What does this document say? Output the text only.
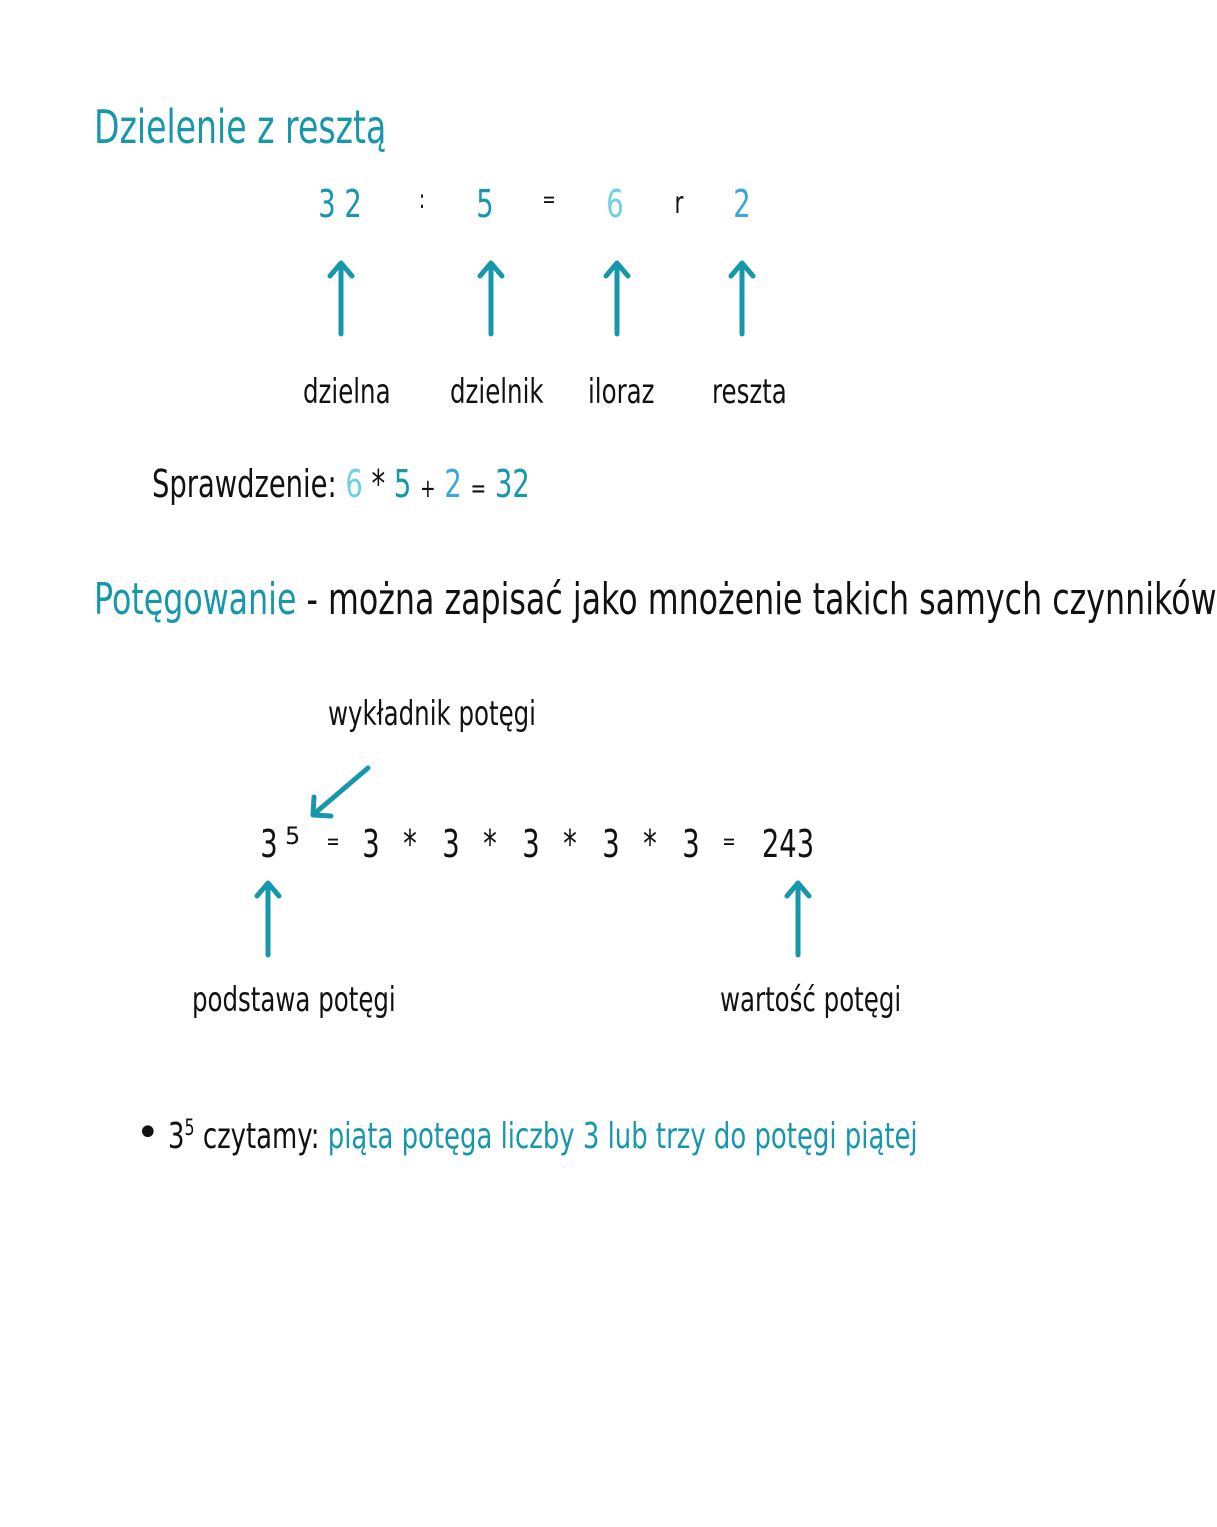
Dzielenie z resztą
3 2 : 5 = 6 r 2
dzielna dzielnik iloraz reszta
Sprawdzenie: 6 * 5 + 2 = 32
Potęgowanie - można zapisać jako mnożenie takich samych czynników
wykładnik potęgi
3 5 = 3 * 3 * 3 * 3 * 3 = 243
podstawa potęgi	wartość potęgi
• $3^5$ czytamy: piąta potęga liczby 3 lub trzy do potęgi piątej
